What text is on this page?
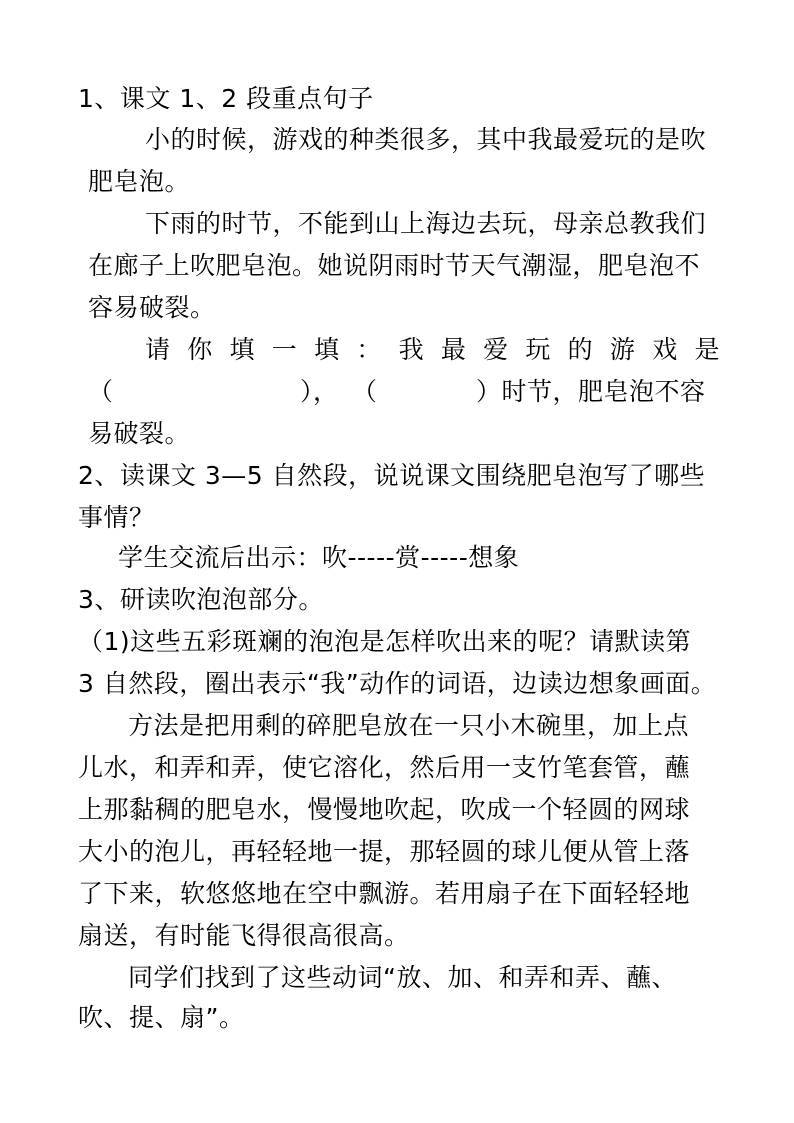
1、课文 1、2 段重点句子
小的时候，游戏的种类很多，其中我最爱玩的是吹
肥皂泡。
下雨的时节，不能到山上海边去玩，母亲总教我们
在廊子上吹肥皂泡。她说阴雨时节天气潮湿，肥皂泡不
容易破裂。
请 你 填 一 填 ： 我 最 爱 玩 的 游 戏 是
（	）， （	）时节，肥皂泡不容
易破裂。
2、读课文 3—5 自然段，说说课文围绕肥皂泡写了哪些
事情？
学生交流后出示：吹-----赏-----想象
3、研读吹泡泡部分。
（1)这些五彩斑斓的泡泡是怎样吹出来的呢？请默读第
3 自然段，圈出表示“我”动作的词语，边读边想象画面。
方法是把用剩的碎肥皂放在一只小木碗里，加上点
儿水，和弄和弄，使它溶化，然后用一支竹笔套管，蘸
上那黏稠的肥皂水，慢慢地吹起，吹成一个轻圆的网球
大小的泡儿，再轻轻地一提，那轻圆的球儿便从管上落
了下来，软悠悠地在空中飘游。若用扇子在下面轻轻地
扇送，有时能飞得很高很高。
同学们找到了这些动词“放、加、和弄和弄、蘸、
吹、提、扇”。
